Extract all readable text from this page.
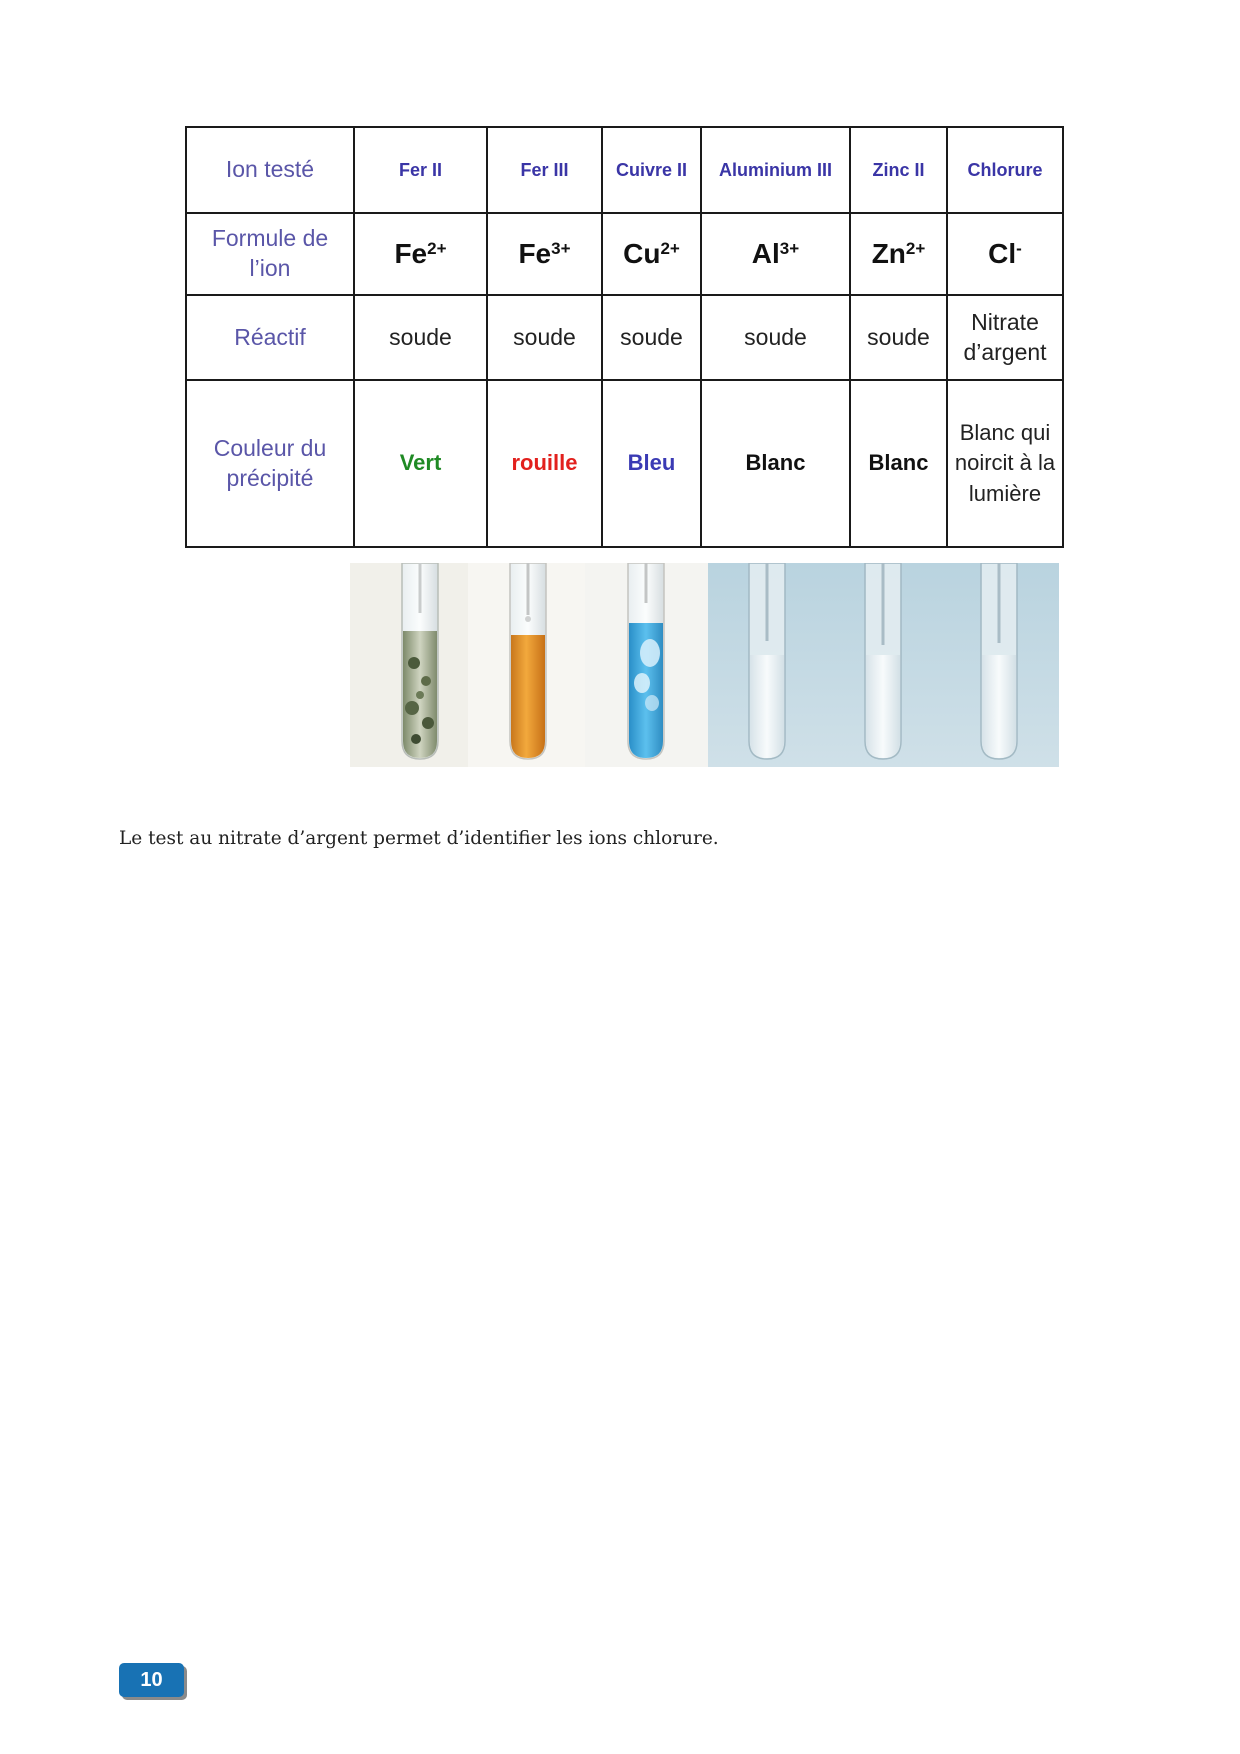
Ion testé	Fer II	Fer III	Cuivre II	Aluminium III	Zinc II	Chlorure
Formule de l’ion	$Fe^{2+}$	$Fe^{3+}$	$Cu^{2+}$	$Al^{3+}$	$Zn^{2+}$	Cl-
Réactif	soude	soude	soude	soude	soude	Nitrate d’argent
Couleur du précipité	Vert	rouille	Bleu	Blanc	Blanc	Blanc qui noircit à la lumière
Le test au nitrate d’argent permet d’identifier les ions chlorure.
10
